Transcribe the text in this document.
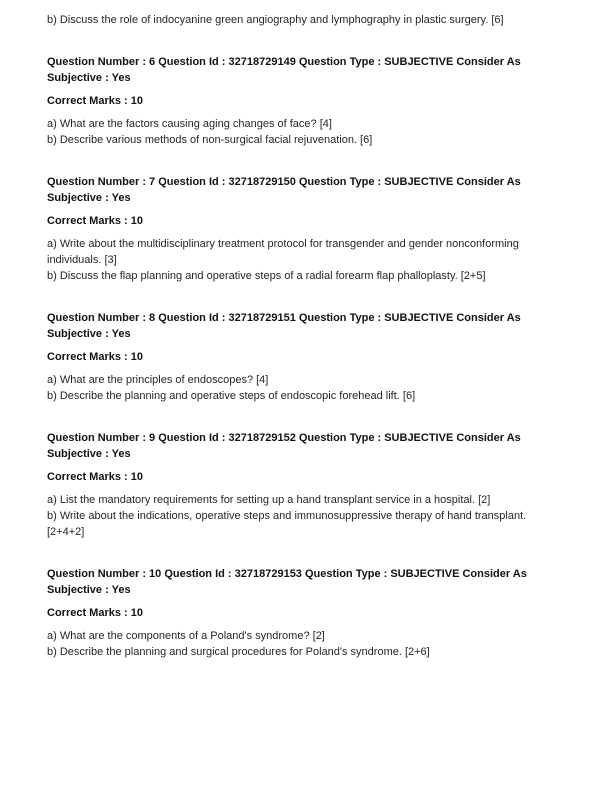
b) Discuss the role of indocyanine green angiography and lymphography in plastic surgery. [6]

Question Number : 6 Question Id : 32718729149 Question Type : SUBJECTIVE Consider As Subjective : Yes

Correct Marks : 10

a) What are the factors causing aging changes of face? [4]

b) Describe various methods of non-surgical facial rejuvenation. [6]

Question Number : 7 Question Id : 32718729150 Question Type : SUBJECTIVE Consider As Subjective : Yes

Correct Marks : 10

a) Write about the multidisciplinary treatment protocol for transgender and gender nonconforming individuals. [3]

b) Discuss the flap planning and operative steps of a radial forearm flap phalloplasty. [2+5]

Question Number : 8 Question Id : 32718729151 Question Type : SUBJECTIVE Consider As Subjective : Yes

Correct Marks : 10

a) What are the principles of endoscopes? [4]

b) Describe the planning and operative steps of endoscopic forehead lift. [6]

Question Number : 9 Question Id : 32718729152 Question Type : SUBJECTIVE Consider As Subjective : Yes

Correct Marks : 10

a) List the mandatory requirements for setting up a hand transplant service in a hospital. [2]

b) Write about the indications, operative steps and immunosuppressive therapy of hand transplant. [2+4+2]

Question Number : 10 Question Id : 32718729153 Question Type : SUBJECTIVE Consider As Subjective : Yes

Correct Marks : 10

a) What are the components of a Poland's syndrome? [2]

b) Describe the planning and surgical procedures for Poland's syndrome. [2+6]
